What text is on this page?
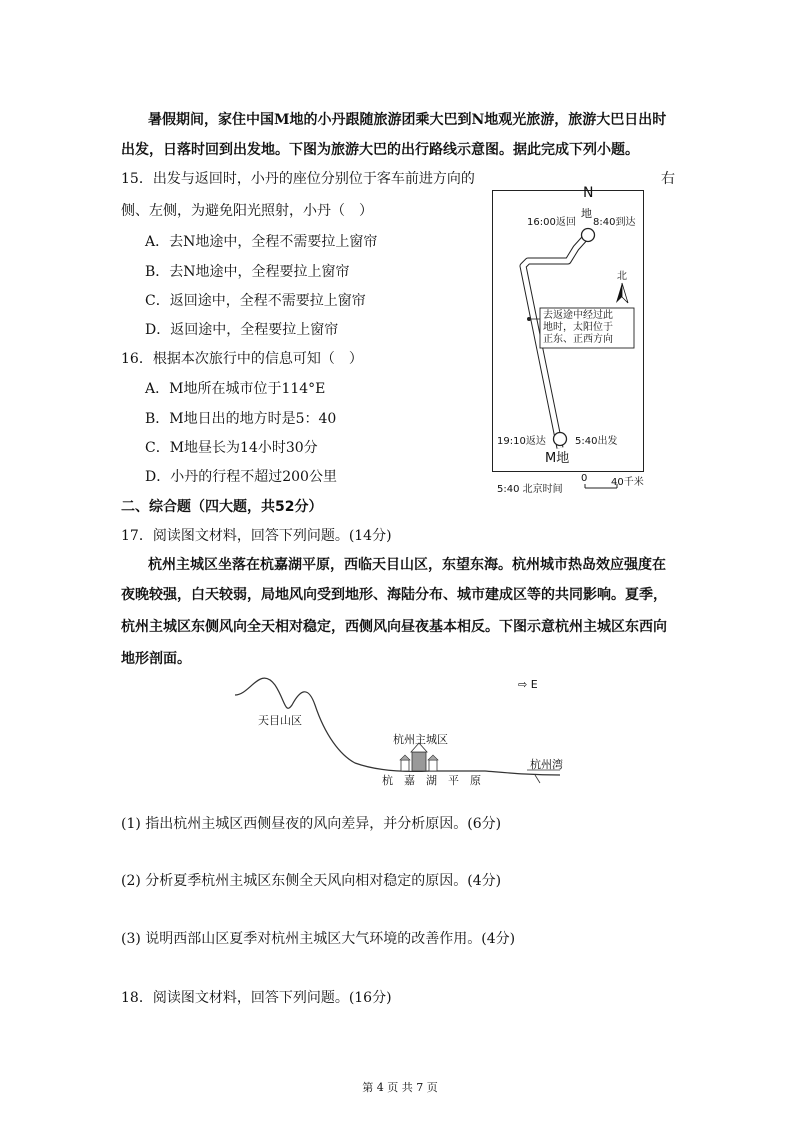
暑假期间，家住中国M地的小丹跟随旅游团乘大巴到N地观光旅游，旅游大巴日出时
出发，日落时回到出发地。下图为旅游大巴的出行路线示意图。据此完成下列小题。
15．出发与返回时，小丹的座位分别位于客车前进方向的	右
侧、左侧，为避免阳光照射，小丹（　）
A．去N地途中，全程不需要拉上窗帘
B．去N地途中，全程要拉上窗帘
C．返回途中，全程不需要拉上窗帘
D．返回途中，全程要拉上窗帘
16．根据本次旅行中的信息可知（　）
A．M地所在城市位于114°E
B．M地日出的地方时是5：40
C．M地昼长为14小时30分
D．小丹的行程不超过200公里
N
地
16:00返回 8:40到达
北
去返途中经过此
地时，太阳位于
正东、正西方向
19:10返达	5:40出发
M地
5:40 北京时间
0 40千米
二、综合题（四大题，共52分）
17．阅读图文材料，回答下列问题。(14分)
杭州主城区坐落在杭嘉湖平原，西临天目山区，东望东海。杭州城市热岛效应强度在
夜晚较强，白天较弱，局地风向受到地形、海陆分布、城市建成区等的共同影响。夏季，
杭州主城区东侧风向全天相对稳定，西侧风向昼夜基本相反。下图示意杭州主城区东西向
地形剖面。
⇨ E
天目山区
杭州主城区
杭　嘉　湖　平　原
杭州湾
(1) 指出杭州主城区西侧昼夜的风向差异，并分析原因。(6分)
(2) 分析夏季杭州主城区东侧全天风向相对稳定的原因。(4分)
(3) 说明西部山区夏季对杭州主城区大气环境的改善作用。(4分)
18．阅读图文材料，回答下列问题。(16分)
第 4 页 共 7 页
